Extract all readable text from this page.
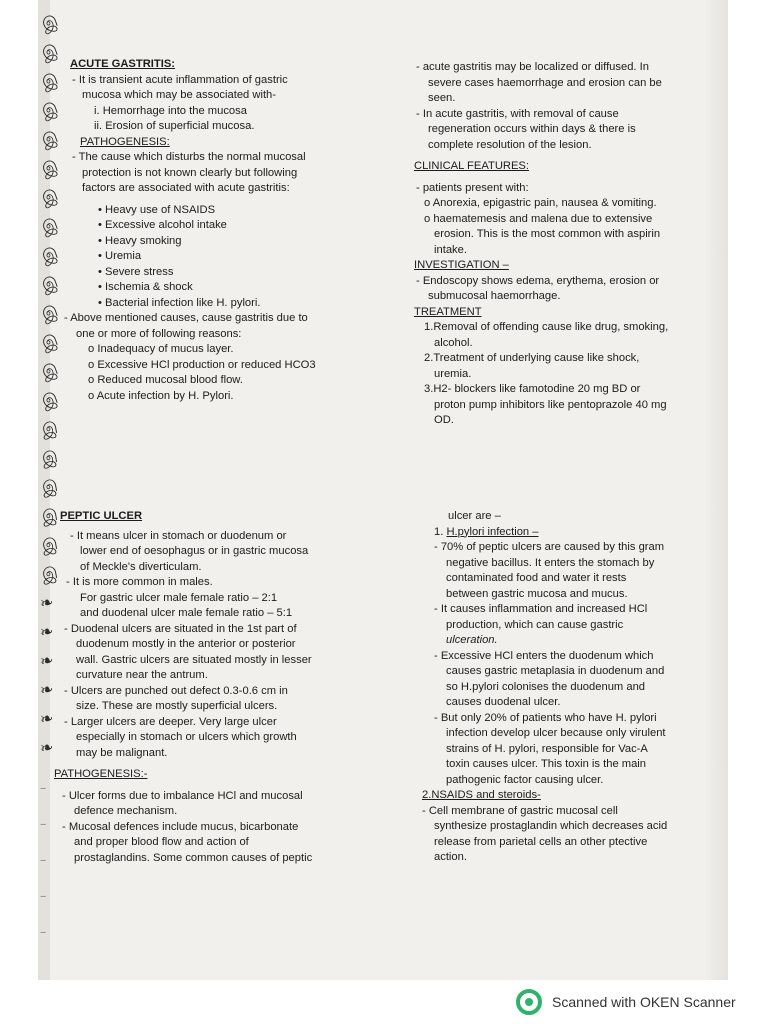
இ
இ
இ
இ
இ
இ
இ
இ
இ
இ
இ
இ
இ
இ
இ
இ
இ
இ
இ
இ
❧
❧
❧
❧
❧
❧
‒
‒
‒
‒
‒
ACUTE GASTRITIS:
- It is transient acute inflammation of gastric
mucosa which may be associated with-
i. Hemorrhage into the mucosa
ii. Erosion of superficial mucosa.
PATHOGENESIS:
- The cause which disturbs the normal mucosal
protection is not known clearly but following
factors are associated with acute gastritis:
• Heavy use of NSAIDS
• Excessive alcohol intake
• Heavy smoking
• Uremia
• Severe stress
• Ischemia & shock
• Bacterial infection like H. pylori.
- Above mentioned causes, cause gastritis due to
one or more of following reasons:
o Inadequacy of mucus layer.
o Excessive HCl production or reduced HCO3
o Reduced mucosal blood flow.
o Acute infection by H. Pylori.
- acute gastritis may be localized or diffused. In
severe cases haemorrhage and erosion can be
seen.
- In acute gastritis, with removal of cause
regeneration occurs within days & there is
complete resolution of the lesion.
CLINICAL FEATURES:
- patients present with:
o Anorexia, epigastric pain, nausea & vomiting.
o haematemesis and malena due to extensive
erosion. This is the most common with aspirin
intake.
INVESTIGATION –
- Endoscopy shows edema, erythema, erosion or
submucosal haemorrhage.
TREATMENT
1.Removal of offending cause like drug, smoking,
alcohol.
2.Treatment of underlying cause like shock,
uremia.
3.H2- blockers like famotodine 20 mg BD or
proton pump inhibitors like pentoprazole 40 mg
OD.
PEPTIC ULCER
- It means ulcer in stomach or duodenum or
lower end of oesophagus or in gastric mucosa
of Meckle's diverticulam.
- It is more common in males.
For gastric ulcer male female ratio – 2:1
and duodenal ulcer male female ratio – 5:1
- Duodenal ulcers are situated in the 1st part of
duodenum mostly in the anterior or posterior
wall. Gastric ulcers are situated mostly in lesser
curvature near the antrum.
- Ulcers are punched out defect 0.3-0.6 cm in
size. These are mostly superficial ulcers.
- Larger ulcers are deeper. Very large ulcer
especially in stomach or ulcers which growth
may be malignant.
PATHOGENESIS:-
- Ulcer forms due to imbalance HCl and mucosal
defence mechanism.
- Mucosal defences include mucus, bicarbonate
and proper blood flow and action of
prostaglandins. Some common causes of peptic
ulcer are –
1. H.pylori infection –
- 70% of peptic ulcers are caused by this gram
negative bacillus. It enters the stomach by
contaminated food and water it rests
between gastric mucosa and mucus.
- It causes inflammation and increased HCl
production, which can cause gastric
ulceration.
- Excessive HCl enters the duodenum which
causes gastric metaplasia in duodenum and
so H.pylori colonises the duodenum and
causes duodenal ulcer.
- But only 20% of patients who have H. pylori
infection develop ulcer because only virulent
strains of H. pylori, responsible for Vac-A
toxin causes ulcer. This toxin is the main
pathogenic factor causing ulcer.
2.NSAIDS and steroids-
- Cell membrane of gastric mucosal cell
synthesize prostaglandin which decreases acid
release from parietal cells an other ptective
action.
Scanned with OKEN Scanner
